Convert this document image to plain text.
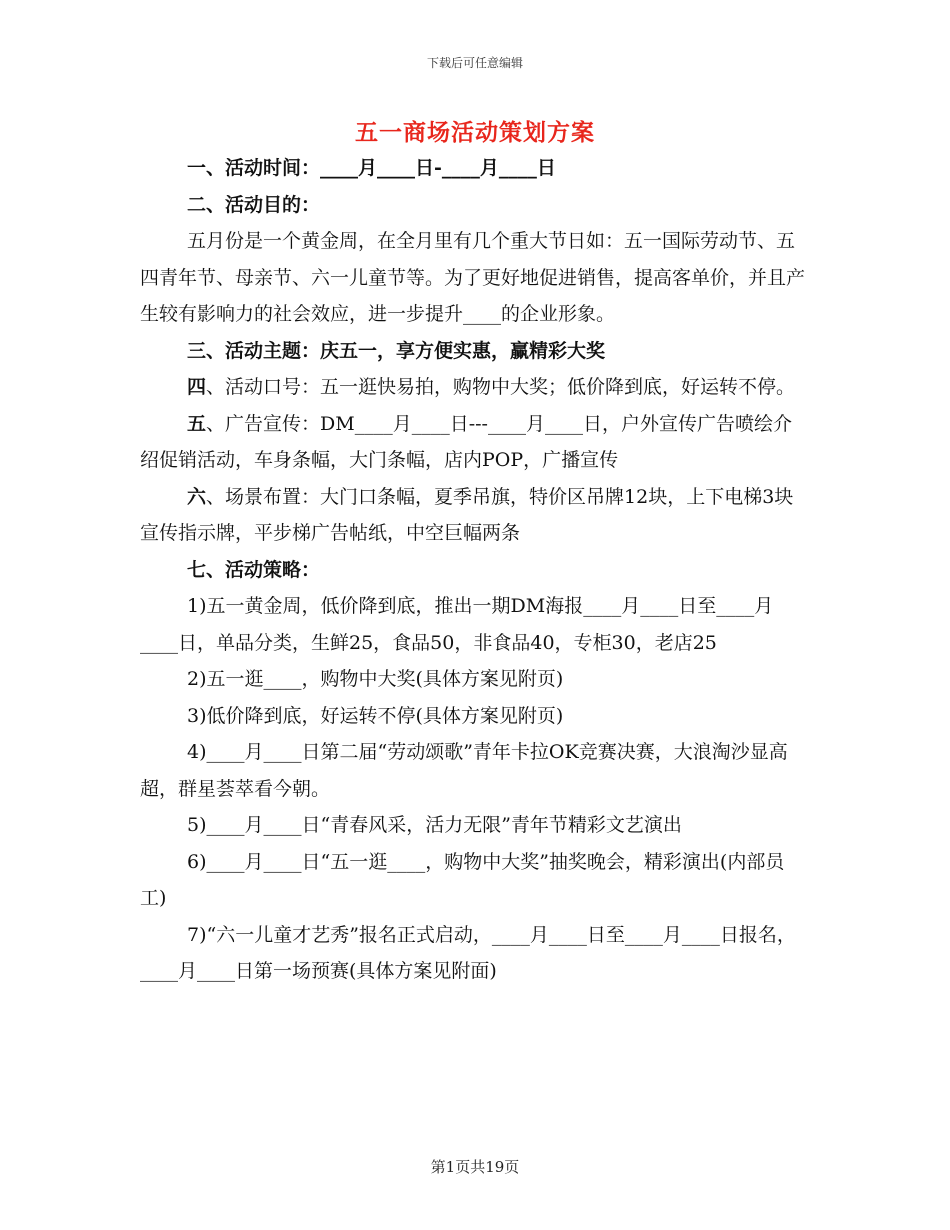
下载后可任意编辑
五一商场活动策划方案

一、活动时间：____月____日-____月____日

二、活动目的：

五月份是一个黄金周，在全月里有几个重大节日如：五一国际劳动节、五四青年节、母亲节、六一儿童节等。为了更好地促进销售，提高客单价，并且产生较有影响力的社会效应，进一步提升____的企业形象。

三、活动主题：庆五一，享方便实惠，赢精彩大奖

四、活动口号：五一逛快易拍，购物中大奖；低价降到底，好运转不停。

五、广告宣传：DM____月____日---____月____日，户外宣传广告喷绘介绍促销活动，车身条幅，大门条幅，店内POP，广播宣传

六、场景布置：大门口条幅，夏季吊旗，特价区吊牌12块，上下电梯3块宣传指示牌，平步梯广告帖纸，中空巨幅两条

七、活动策略：

1)五一黄金周，低价降到底，推出一期DM海报____月____日至____月____日，单品分类，生鲜25，食品50，非食品40，专柜30，老店25

2)五一逛____，购物中大奖(具体方案见附页)

3)低价降到底，好运转不停(具体方案见附页)

4)____月____日第二届“劳动颂歌”青年卡拉OK竞赛决赛，大浪淘沙显高超，群星荟萃看今朝。

5)____月____日“青春风采，活力无限”青年节精彩文艺演出

6)____月____日“五一逛____，购物中大奖”抽奖晚会，精彩演出(内部员工)

7)“六一儿童才艺秀”报名正式启动，____月____日至____月____日报名，____月____日第一场预赛(具体方案见附面)

第1页共19页
